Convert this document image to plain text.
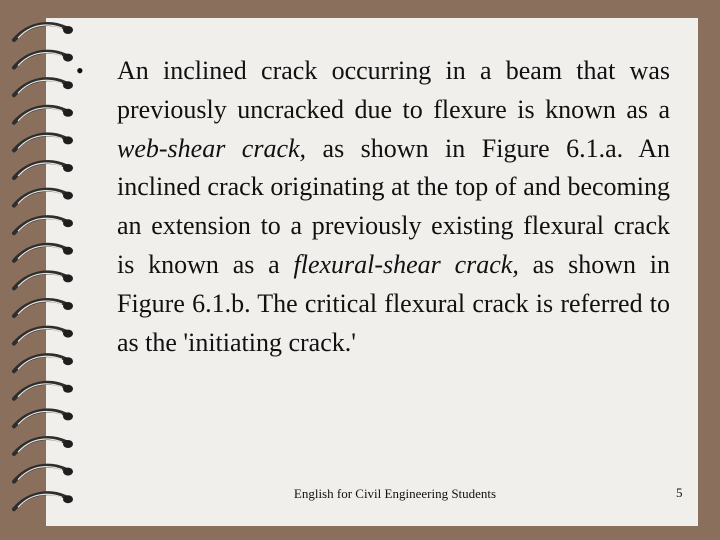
• An inclined crack occurring in a beam that was previously uncracked due to flexure is known as a web-shear crack, as shown in Figure 6.1.a. An inclined crack originating at the top of and becoming an extension to a previously existing flexural crack is known as a flexural-shear crack, as shown in Figure 6.1.b. The critical flexural crack is referred to as the 'initiating crack.'

English for Civil Engineering Students	5
